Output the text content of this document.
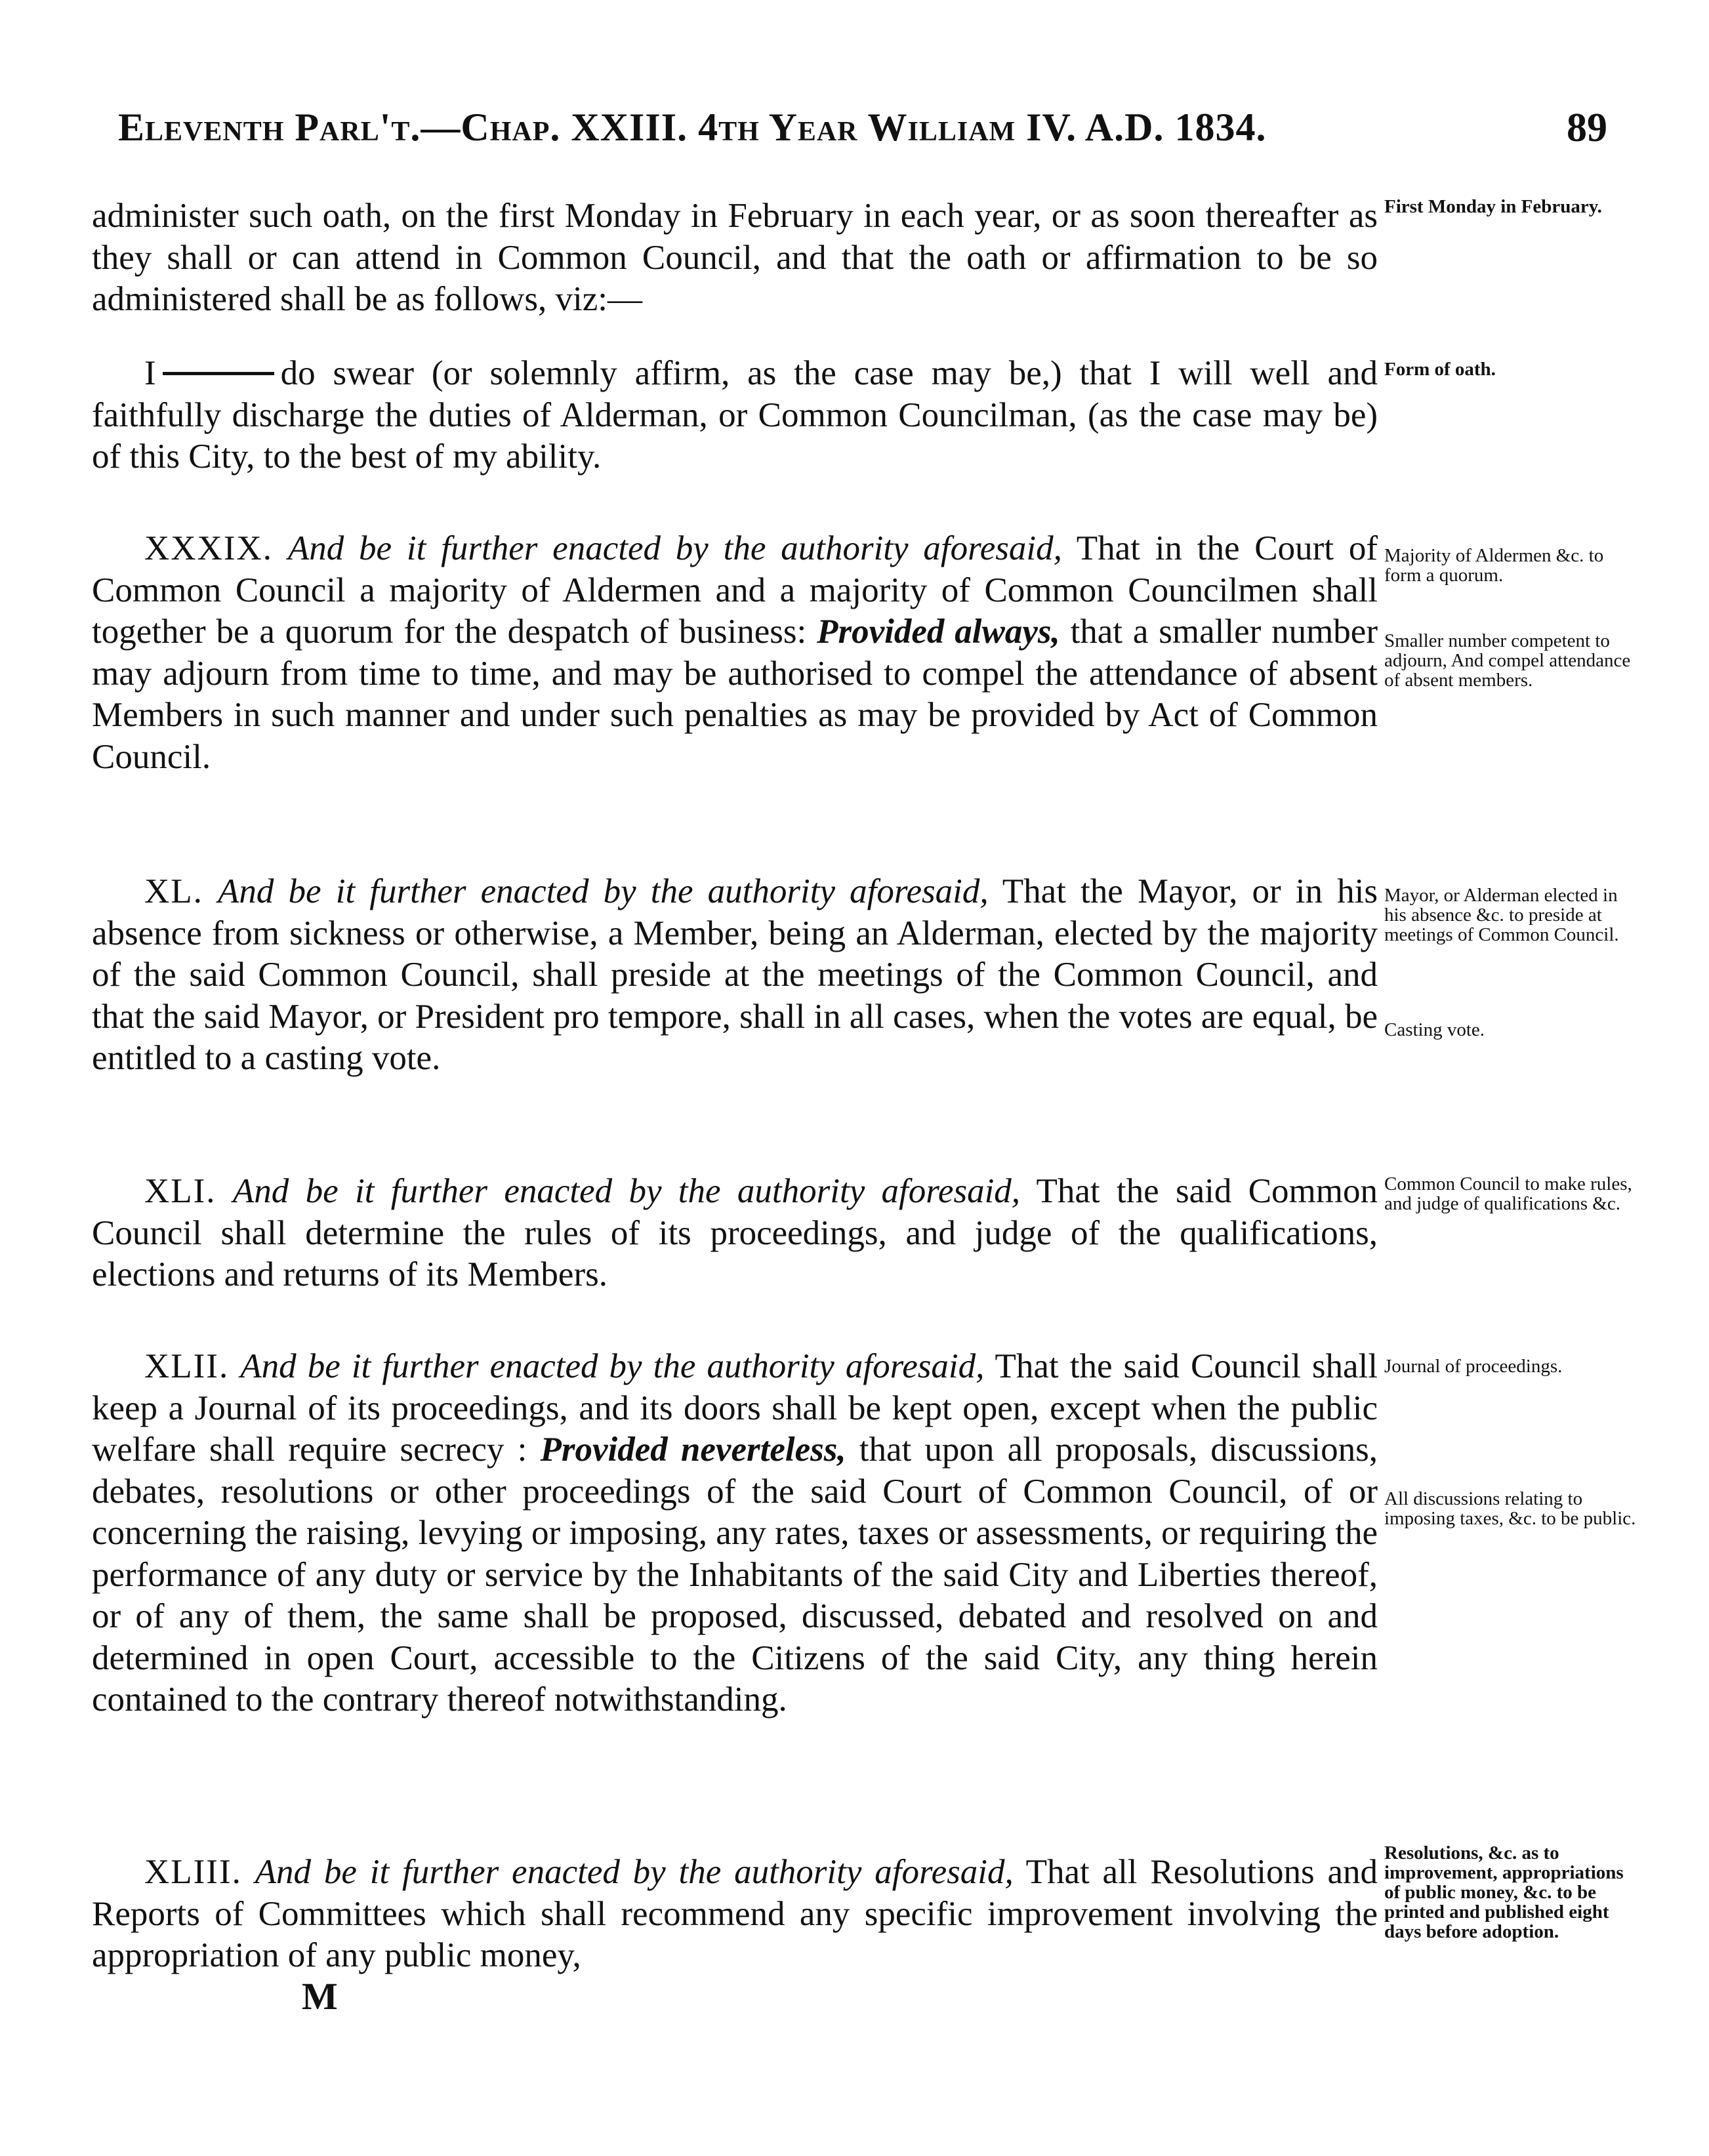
Eleventh Parl't.—Chap. XXIII. 4th Year William IV. A.D. 1834.	89

administer such oath, on the first Monday in February in each year, or as soon thereafter as they shall or can attend in Common Council, and that the oath or affirmation to be so administered shall be as follows, viz:—

I	do swear (or solemnly affirm, as the case may be,) that I will well and faithfully discharge the duties of Alderman, or Common Councilman, (as the case may be) of this City, to the best of my ability.

XXXIX. And be it further enacted by the authority aforesaid, That in the Court of Common Council a majority of Aldermen and a majority of Common Councilmen shall together be a quorum for the despatch of business: Provided always, that a smaller number may adjourn from time to time, and may be authorised to compel the attendance of absent Members in such manner and under such penalties as may be provided by Act of Common Council.

XL. And be it further enacted by the authority aforesaid, That the Mayor, or in his absence from sickness or otherwise, a Member, being an Alderman, elected by the majority of the said Common Council, shall preside at the meetings of the Common Council, and that the said Mayor, or President pro tempore, shall in all cases, when the votes are equal, be entitled to a casting vote.

XLI. And be it further enacted by the authority aforesaid, That the said Common Council shall determine the rules of its proceedings, and judge of the qualifications, elections and returns of its Members.

XLII. And be it further enacted by the authority aforesaid, That the said Council shall keep a Journal of its proceedings, and its doors shall be kept open, except when the public welfare shall require secrecy : Provided neverteless, that upon all proposals, discussions, debates, resolutions or other proceedings of the said Court of Common Council, of or concerning the raising, levying or imposing, any rates, taxes or assessments, or requiring the performance of any duty or service by the Inhabitants of the said City and Liberties thereof, or of any of them, the same shall be proposed, discussed, debated and resolved on and determined in open Court, accessible to the Citizens of the said City, any thing herein contained to the contrary thereof notwithstanding.

XLIII. And be it further enacted by the authority aforesaid, That all Resolutions and Reports of Committees which shall recommend any specific improvement involving the appropriation of any public money,

M
First Monday in February.
Form of oath.
Majority of Aldermen &c. to form a quorum.
Smaller number competent to adjourn, And compel attendance of absent members.
Mayor, or Alderman elected in his absence &c. to preside at meetings of Common Council.
Casting vote.
Common Council to make rules, and judge of qualifications &c.
Journal of proceedings.
All discussions relating to imposing taxes, &c. to be public.
Resolutions, &c. as to improvement, appropriations of public money, &c. to be printed and published eight days before adoption.
